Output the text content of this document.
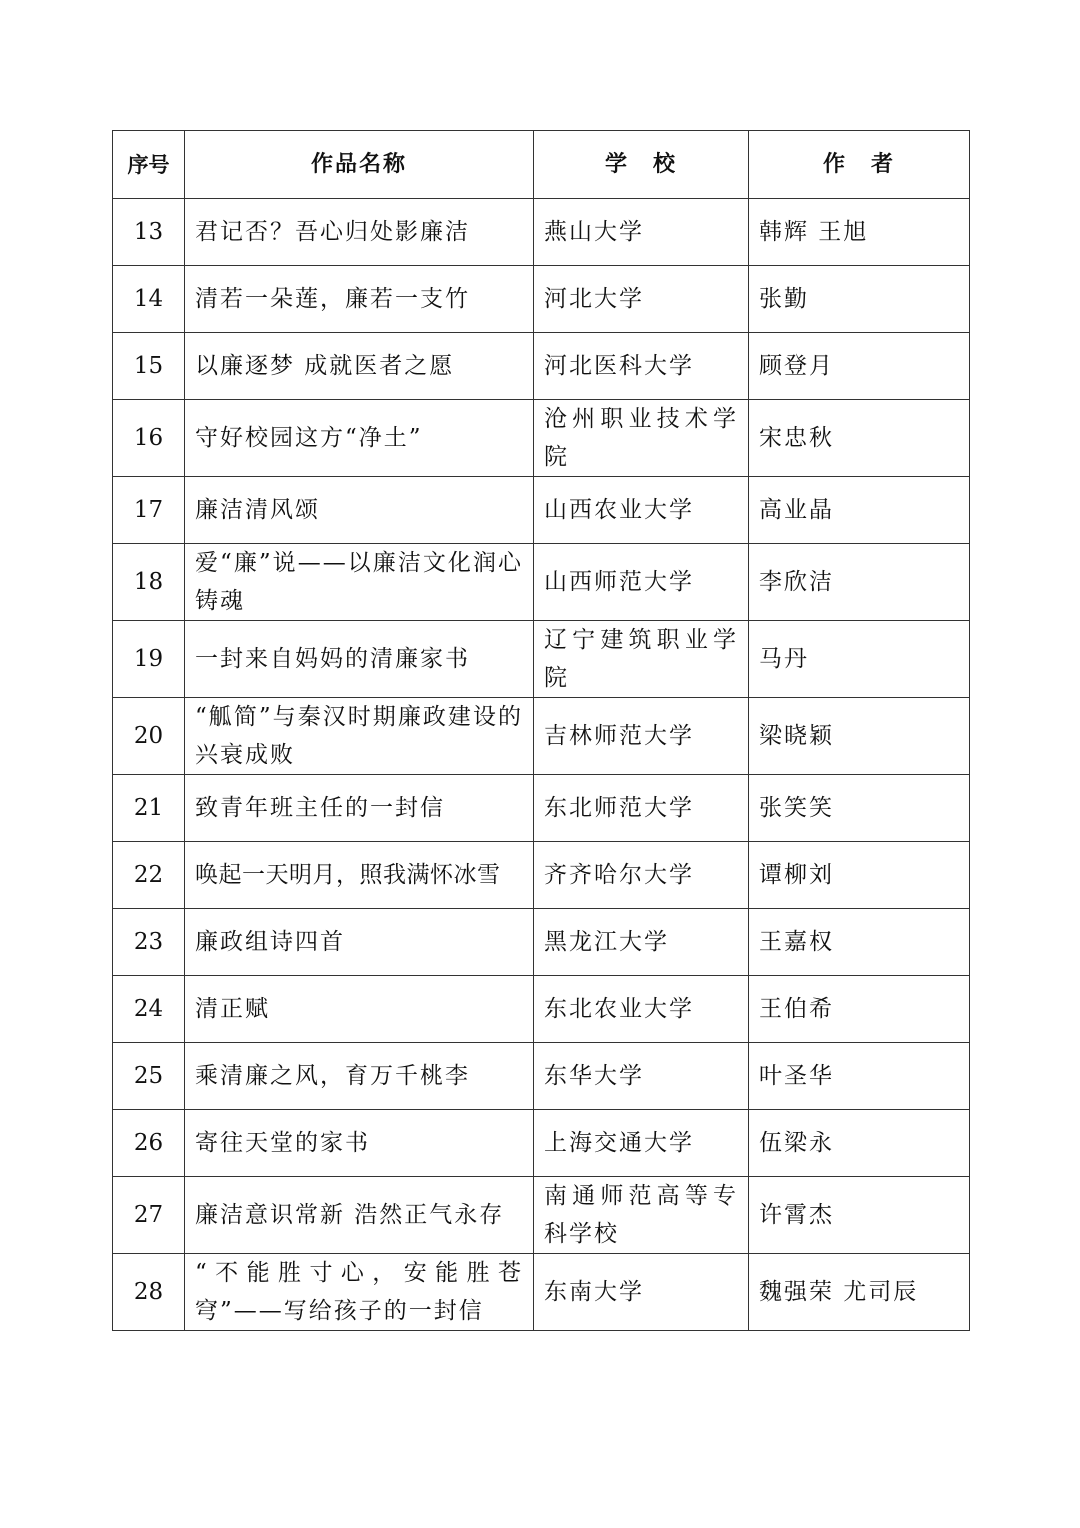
序号	作品名称	学　校	作　者
13	君记否？吾心归处影廉洁	燕山大学	韩辉 王旭
14	清若一朵莲，廉若一支竹	河北大学	张勤
15	以廉逐梦 成就医者之愿	河北医科大学	顾登月
16	守好校园这方“净土”	沧州职业技术学院	宋忠秋
17	廉洁清风颂	山西农业大学	高业晶
18	爱“廉”说——以廉洁文化润心铸魂	山西师范大学	李欣洁
19	一封来自妈妈的清廉家书	辽宁建筑职业学院	马丹
20	“觚简”与秦汉时期廉政建设的兴衰成败	吉林师范大学	梁晓颖
21	致青年班主任的一封信	东北师范大学	张笑笑
22	唤起一天明月，照我满怀冰雪	齐齐哈尔大学	谭柳刘
23	廉政组诗四首	黑龙江大学	王嘉权
24	清正赋	东北农业大学	王伯希
25	乘清廉之风，育万千桃李	东华大学	叶圣华
26	寄往天堂的家书	上海交通大学	伍梁永
27	廉洁意识常新 浩然正气永存	南通师范高等专科学校	许霄杰
28	“不能胜寸心，安能胜苍穹”——写给孩子的一封信	东南大学	魏强荣 尤司辰
